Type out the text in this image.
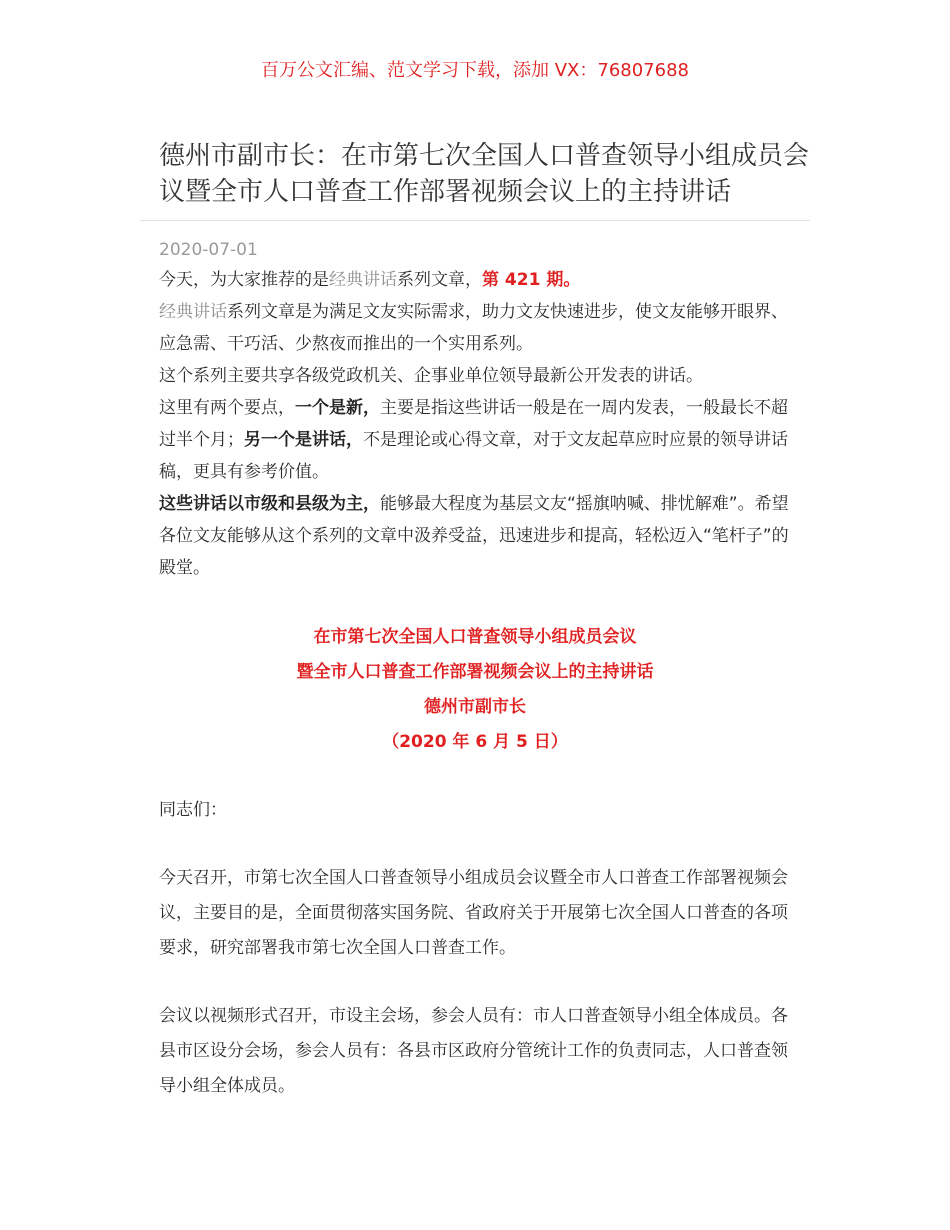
百万公文汇编、范文学习下载，添加 VX：76807688
德州市副市长：在市第七次全国人口普查领导小组成员会议暨全市人口普查工作部署视频会议上的主持讲话
2020-07-01

今天，为大家推荐的是经典讲话系列文章，第 421 期。

经典讲话系列文章是为满足文友实际需求，助力文友快速进步，使文友能够开眼界、应急需、干巧活、少熬夜而推出的一个实用系列。

这个系列主要共享各级党政机关、企事业单位领导最新公开发表的讲话。

这里有两个要点，一个是新，主要是指这些讲话一般是在一周内发表，一般最长不超过半个月；另一个是讲话，不是理论或心得文章，对于文友起草应时应景的领导讲话稿，更具有参考价值。

这些讲话以市级和县级为主，能够最大程度为基层文友“摇旗呐喊、排忧解难”。希望各位文友能够从这个系列的文章中汲养受益，迅速进步和提高，轻松迈入“笔杆子”的殿堂。

在市第七次全国人口普查领导小组成员会议
暨全市人口普查工作部署视频会议上的主持讲话
德州市副市长
（2020 年 6 月 5 日）
同志们：

今天召开，市第七次全国人口普查领导小组成员会议暨全市人口普查工作部署视频会议，主要目的是，全面贯彻落实国务院、省政府关于开展第七次全国人口普查的各项要求，研究部署我市第七次全国人口普查工作。

会议以视频形式召开，市设主会场，参会人员有：市人口普查领导小组全体成员。各县市区设分会场，参会人员有：各县市区政府分管统计工作的负责同志，人口普查领导小组全体成员。
